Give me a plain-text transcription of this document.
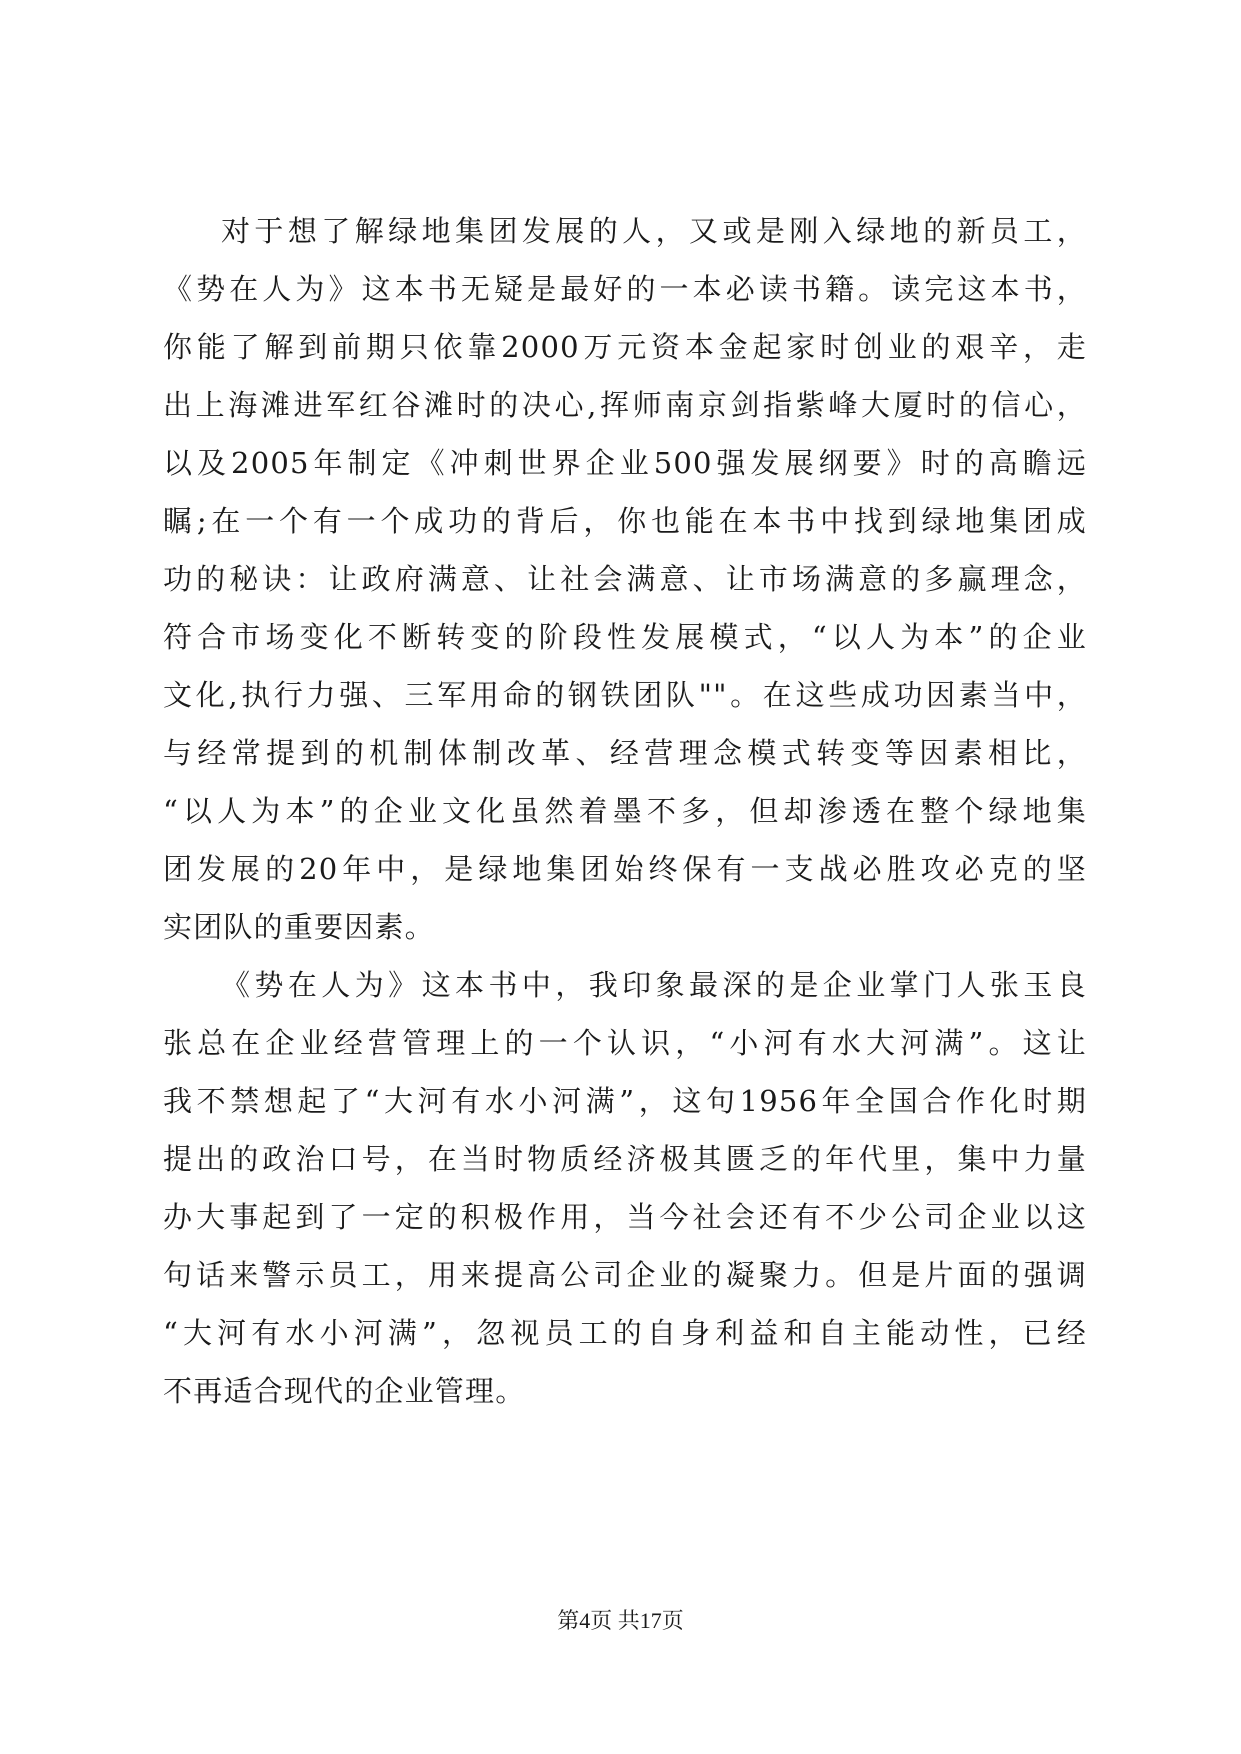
对于想了解绿地集团发展的人，又或是刚入绿地的新员工，
《势在人为》这本书无疑是最好的一本必读书籍。读完这本书，
你能了解到前期只依靠2000万元资本金起家时创业的艰辛，走
出上海滩进军红谷滩时的决心,挥师南京剑指紫峰大厦时的信心，
以及2005年制定《冲刺世界企业500强发展纲要》时的高瞻远
瞩;在一个有一个成功的背后，你也能在本书中找到绿地集团成
功的秘诀：让政府满意、让社会满意、让市场满意的多赢理念，
符合市场变化不断转变的阶段性发展模式，“以人为本”的企业
文化,执行力强、三军用命的钢铁团队""。在这些成功因素当中，
与经常提到的机制体制改革、经营理念模式转变等因素相比，
“以人为本”的企业文化虽然着墨不多，但却渗透在整个绿地集
团发展的20年中，是绿地集团始终保有一支战必胜攻必克的坚
实团队的重要因素。
《势在人为》这本书中，我印象最深的是企业掌门人张玉良
张总在企业经营管理上的一个认识，“小河有水大河满”。这让
我不禁想起了“大河有水小河满”，这句1956年全国合作化时期
提出的政治口号，在当时物质经济极其匮乏的年代里，集中力量
办大事起到了一定的积极作用，当今社会还有不少公司企业以这
句话来警示员工，用来提高公司企业的凝聚力。但是片面的强调
“大河有水小河满”，忽视员工的自身利益和自主能动性，已经
不再适合现代的企业管理。
第4页 共17页
